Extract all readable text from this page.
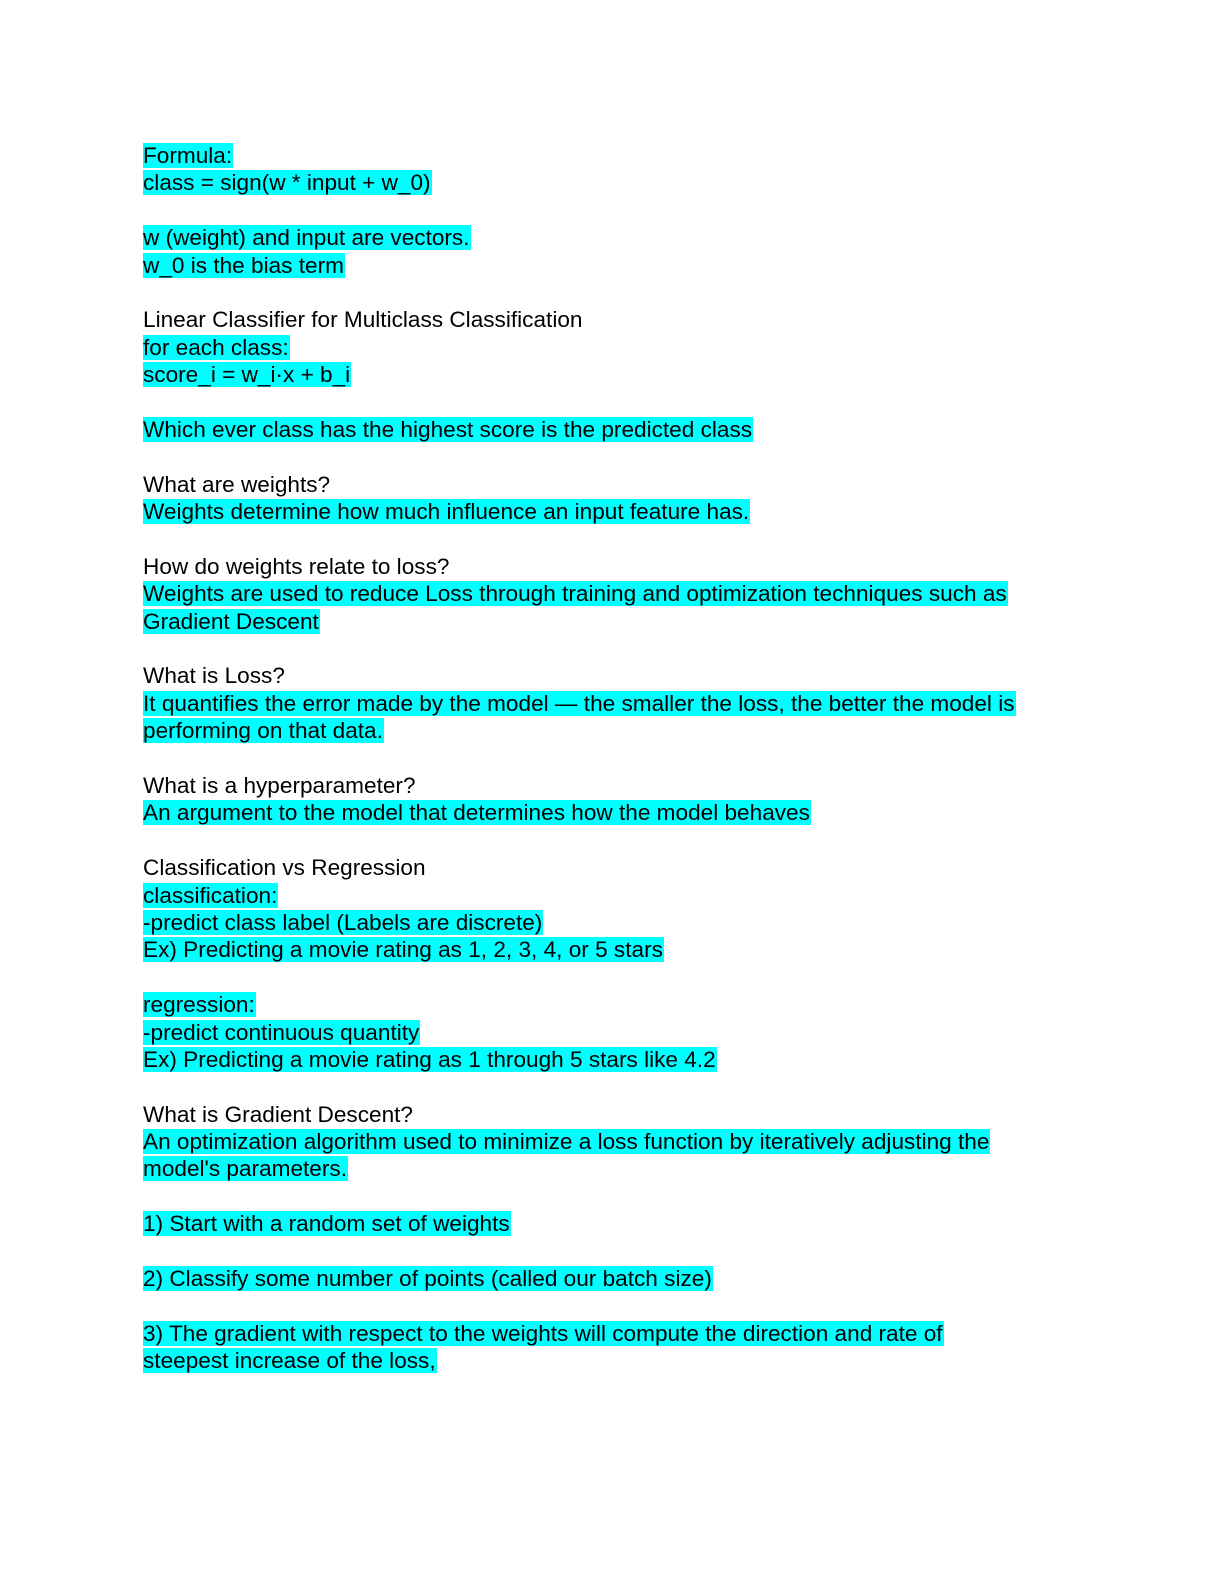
Formula:
class = sign(w * input + w_0)
w (weight) and input are vectors.
w_0 is the bias term
Linear Classifier for Multiclass Classification
for each class:
score_i = w_i·x + b_i
Which ever class has the highest score is the predicted class
What are weights?
Weights determine how much influence an input feature has.
How do weights relate to loss?
Weights are used to reduce Loss through training and optimization techniques such as
Gradient Descent
What is Loss?
It quantifies the error made by the model — the smaller the loss, the better the model is
performing on that data.
What is a hyperparameter?
An argument to the model that determines how the model behaves
Classification vs Regression
classification:
-predict class label (Labels are discrete)
Ex) Predicting a movie rating as 1, 2, 3, 4, or 5 stars
regression:
-predict continuous quantity
Ex) Predicting a movie rating as 1 through 5 stars like 4.2
What is Gradient Descent?
An optimization algorithm used to minimize a loss function by iteratively adjusting the
model's parameters.
1) Start with a random set of weights
2) Classify some number of points (called our batch size)
3) The gradient with respect to the weights will compute the direction and rate of
steepest increase of the loss,
